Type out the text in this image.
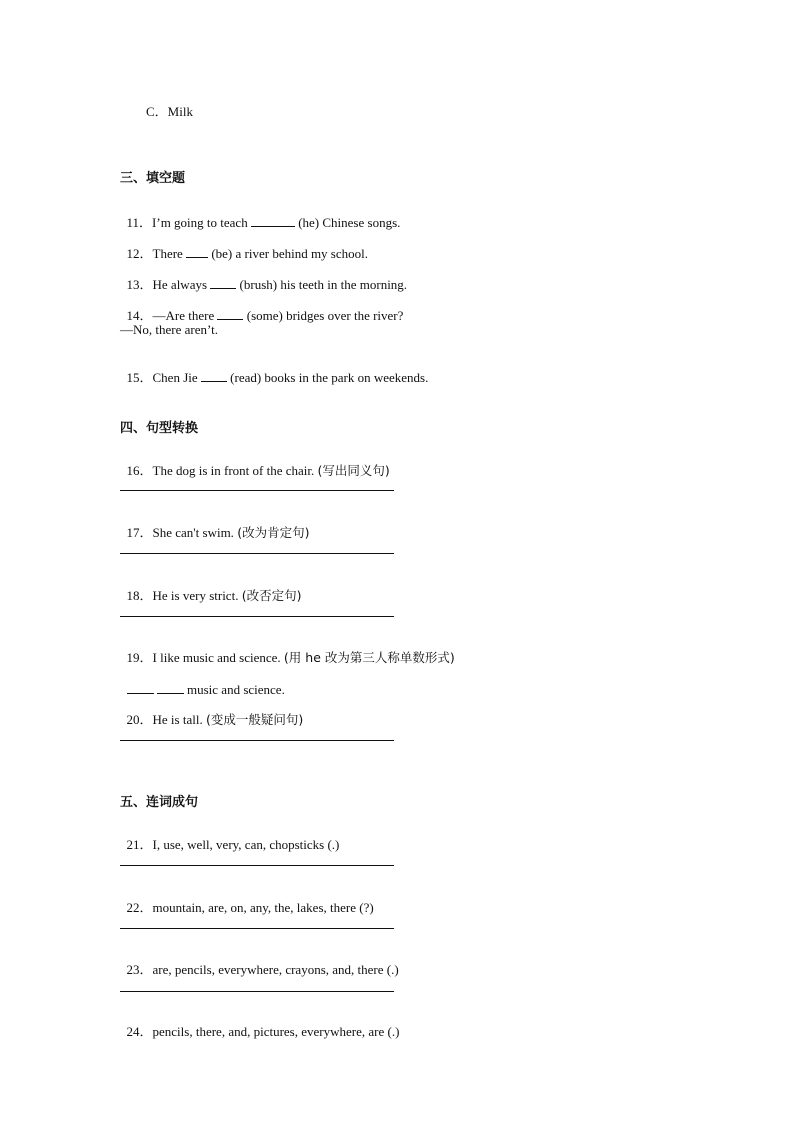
C．Milk
三、填空题

11．I’m going to teach	(he) Chinese songs.

12．There  (be) a river behind my school.

13．He always  (brush) his teeth in the morning.

14．—Are there  (some) bridges over the river?

—No, there aren’t.

15．Chen Jie  (read) books in the park on weekends.

四、句型转换

16．The dog is in front of the chair. (写出同义句)

17．She can't swim. (改为肯定句)

18．He is very strict. (改否定句)

19．I like music and science. (用 he 改为第三人称单数形式)

music and science.

20．He is tall. (变成一般疑问句)

五、连词成句

21．I, use, well, very, can, chopsticks (.)

22．mountain, are, on, any, the, lakes, there (?)

23．are, pencils, everywhere, crayons, and, there (.)

24．pencils, there, and, pictures, everywhere, are (.)
